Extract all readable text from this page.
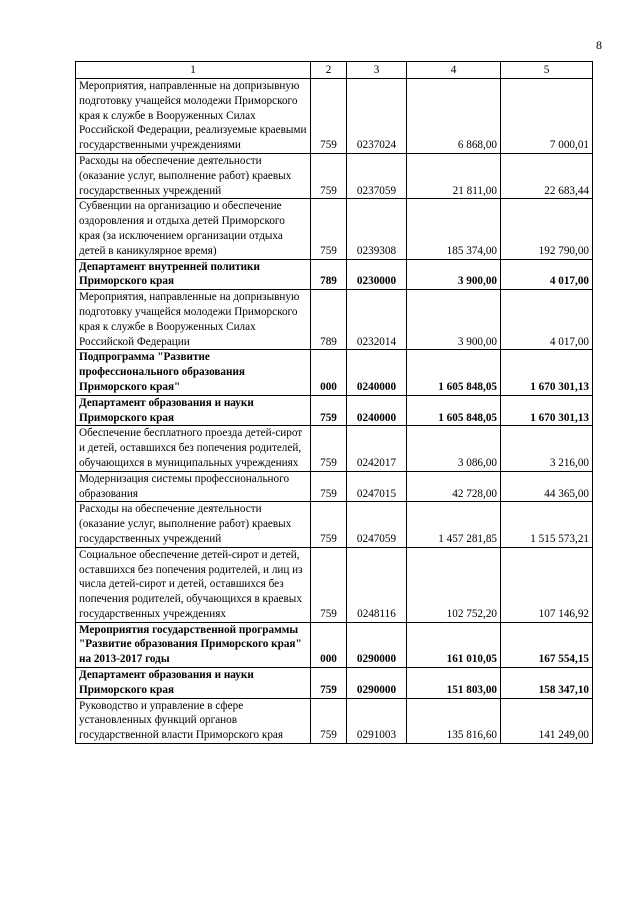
8
1	2	3	4	5
Мероприятия, направленные на допризывную подготовку учащейся молодежи Приморского края к службе в Вооруженных Силах Российской Федерации, реализуемые краевыми государственными учреждениями	759	0237024	6 868,00	7 000,01
Расходы на обеспечение деятельности (оказание услуг, выполнение работ) краевых государственных учреждений	759	0237059	21 811,00	22 683,44
Субвенции на организацию и обеспечение оздоровления и отдыха детей Приморского края (за исключением организации отдыха детей в каникулярное время)	759	0239308	185 374,00	192 790,00
Департамент внутренней политики Приморского края	789	0230000	3 900,00	4 017,00
Мероприятия, направленные на допризывную подготовку учащейся молодежи Приморского края к службе в Вооруженных Силах Российской Федерации	789	0232014	3 900,00	4 017,00
Подпрограмма "Развитие профессионального образования Приморского края"	000	0240000	1 605 848,05	1 670 301,13
Департамент образования и науки Приморского края	759	0240000	1 605 848,05	1 670 301,13
Обеспечение бесплатного проезда детей-сирот и детей, оставшихся без попечения родителей, обучающихся в муниципальных учреждениях	759	0242017	3 086,00	3 216,00
Модернизация системы профессионального образования	759	0247015	42 728,00	44 365,00
Расходы на обеспечение деятельности (оказание услуг, выполнение работ) краевых государственных учреждений	759	0247059	1 457 281,85	1 515 573,21
Социальное обеспечение детей-сирот и детей, оставшихся без попечения родителей, и лиц из числа детей-сирот и детей, оставшихся без попечения родителей, обучающихся в краевых государственных учреждениях	759	0248116	102 752,20	107 146,92
Мероприятия государственной программы "Развитие образования Приморского края" на 2013-2017 годы	000	0290000	161 010,05	167 554,15
Департамент образования и науки Приморского края	759	0290000	151 803,00	158 347,10
Руководство и управление в сфере установленных функций органов государственной власти Приморского края	759	0291003	135 816,60	141 249,00
